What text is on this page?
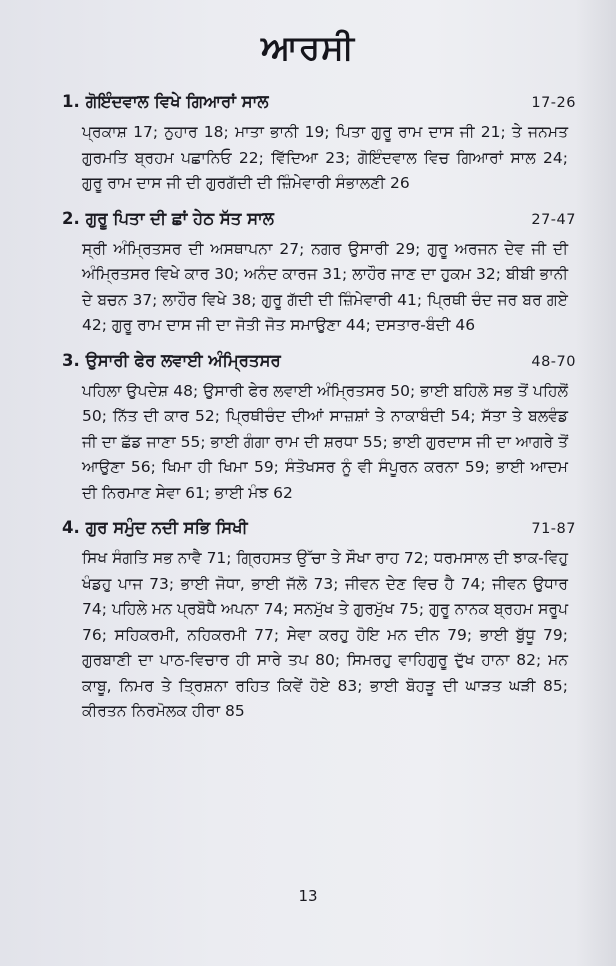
ਆਰਸੀ
1. ਗੋਇੰਦਵਾਲ ਵਿਖੇ ਗਿਆਰਾਂ ਸਾਲ	17-26
ਪ੍ਰਕਾਸ਼ 17; ਨੁਹਾਰ 18; ਮਾਤਾ ਭਾਨੀ 19; ਪਿਤਾ ਗੁਰੂ ਰਾਮ ਦਾਸ ਜੀ 21; ਤੇ ਜਨਮਤ ਗੁਰਮਤਿ ਬ੍ਰਹਮ ਪਛਾਨਿਓ 22; ਵਿੱਦਿਆ 23; ਗੋਇੰਦਵਾਲ ਵਿਚ ਗਿਆਰਾਂ ਸਾਲ 24; ਗੁਰੂ ਰਾਮ ਦਾਸ ਜੀ ਦੀ ਗੁਰਗੱਦੀ ਦੀ ਜ਼ਿੰਮੇਵਾਰੀ ਸੰਭਾਲਣੀ 26
2. ਗੁਰੂ ਪਿਤਾ ਦੀ ਛਾਂ ਹੇਠ ਸੱਤ ਸਾਲ	27-47
ਸ੍ਰੀ ਅੰਮ੍ਰਿਤਸਰ ਦੀ ਅਸਥਾਪਨਾ 27; ਨਗਰ ਉਸਾਰੀ 29; ਗੁਰੂ ਅਰਜਨ ਦੇਵ ਜੀ ਦੀ ਅੰਮ੍ਰਿਤਸਰ ਵਿਖੇ ਕਾਰ 30; ਅਨੰਦ ਕਾਰਜ 31; ਲਾਹੌਰ ਜਾਣ ਦਾ ਹੁਕਮ 32; ਬੀਬੀ ਭਾਨੀ ਦੇ ਬਚਨ 37; ਲਾਹੌਰ ਵਿਖੇ 38; ਗੁਰੂ ਗੱਦੀ ਦੀ ਜ਼ਿੰਮੇਵਾਰੀ 41; ਪ੍ਰਿਥੀ ਚੰਦ ਜਰ ਬਰ ਗਏ 42; ਗੁਰੂ ਰਾਮ ਦਾਸ ਜੀ ਦਾ ਜੋਤੀ ਜੋਤ ਸਮਾਉਣਾ 44; ਦਸਤਾਰ-ਬੰਦੀ 46
3. ਉਸਾਰੀ ਫੇਰ ਲਵਾਈ ਅੰਮ੍ਰਿਤਸਰ	48-70
ਪਹਿਲਾ ਉਪਦੇਸ਼ 48; ਉਸਾਰੀ ਫੇਰ ਲਵਾਈ ਅੰਮ੍ਰਿਤਸਰ 50; ਭਾਈ ਬਹਿਲੋ ਸਭ ਤੋਂ ਪਹਿਲੋਂ 50; ਨਿੱਤ ਦੀ ਕਾਰ 52; ਪ੍ਰਿਥੀਚੰਦ ਦੀਆਂ ਸਾਜ਼ਸ਼ਾਂ ਤੇ ਨਾਕਾਬੰਦੀ 54; ਸੱਤਾ ਤੇ ਬਲਵੰਡ ਜੀ ਦਾ ਛੱਡ ਜਾਣਾ 55; ਭਾਈ ਗੰਗਾ ਰਾਮ ਦੀ ਸ਼ਰਧਾ 55; ਭਾਈ ਗੁਰਦਾਸ ਜੀ ਦਾ ਆਗਰੇ ਤੋਂ ਆਉਣਾ 56; ਖਿਮਾ ਹੀ ਖਿਮਾ 59; ਸੰਤੋਖਸਰ ਨੂੰ ਵੀ ਸੰਪੂਰਨ ਕਰਨਾ 59; ਭਾਈ ਆਦਮ ਦੀ ਨਿਰਮਾਣ ਸੇਵਾ 61; ਭਾਈ ਮੰਝ 62
4. ਗੁਰ ਸਮੁੰਦ ਨਦੀ ਸਭਿ ਸਿਖੀ	71-87
ਸਿਖ ਸੰਗਤਿ ਸਭ ਨਾਵੈ 71; ਗ੍ਰਿਹਸਤ ਉੱਚਾ ਤੇ ਸੌਖਾ ਰਾਹ 72; ਧਰਮਸਾਲ ਦੀ ਝਾਕ-ਵਿਹੁ ਖੰਡਹੁ ਪਾਜ 73; ਭਾਈ ਜੋਧਾ, ਭਾਈ ਜੱਲੋ 73; ਜੀਵਨ ਦੇਣ ਵਿਚ ਹੈ 74; ਜੀਵਨ ਉਧਾਰ 74; ਪਹਿਲੇ ਮਨ ਪ੍ਰਬੋਧੈ ਅਪਨਾ 74; ਸਨਮੁੱਖ ਤੇ ਗੁਰਮੁੱਖ 75; ਗੁਰੂ ਨਾਨਕ ਬ੍ਰਹਮ ਸਰੂਪ 76; ਸਹਿਕਰਮੀ, ਨਹਿਕਰਮੀ 77; ਸੇਵਾ ਕਰਹੁ ਹੋਇ ਮਨ ਦੀਨ 79; ਭਾਈ ਬੁੱਧੂ 79; ਗੁਰਬਾਣੀ ਦਾ ਪਾਠ-ਵਿਚਾਰ ਹੀ ਸਾਰੇ ਤਪ 80; ਸਿਮਰਹੁ ਵਾਹਿਗੁਰੂ ਦੁੱਖ ਹਾਨਾ 82; ਮਨ ਕਾਬੂ, ਨਿਮਰ ਤੇ ਤ੍ਰਿਸ਼ਨਾ ਰਹਿਤ ਕਿਵੇਂ ਹੋਏ 83; ਭਾਈ ਬੋਹੜੂ ਦੀ ਘਾੜਤ ਘੜੀ 85; ਕੀਰਤਨ ਨਿਰਮੋਲਕ ਹੀਰਾ 85
13
